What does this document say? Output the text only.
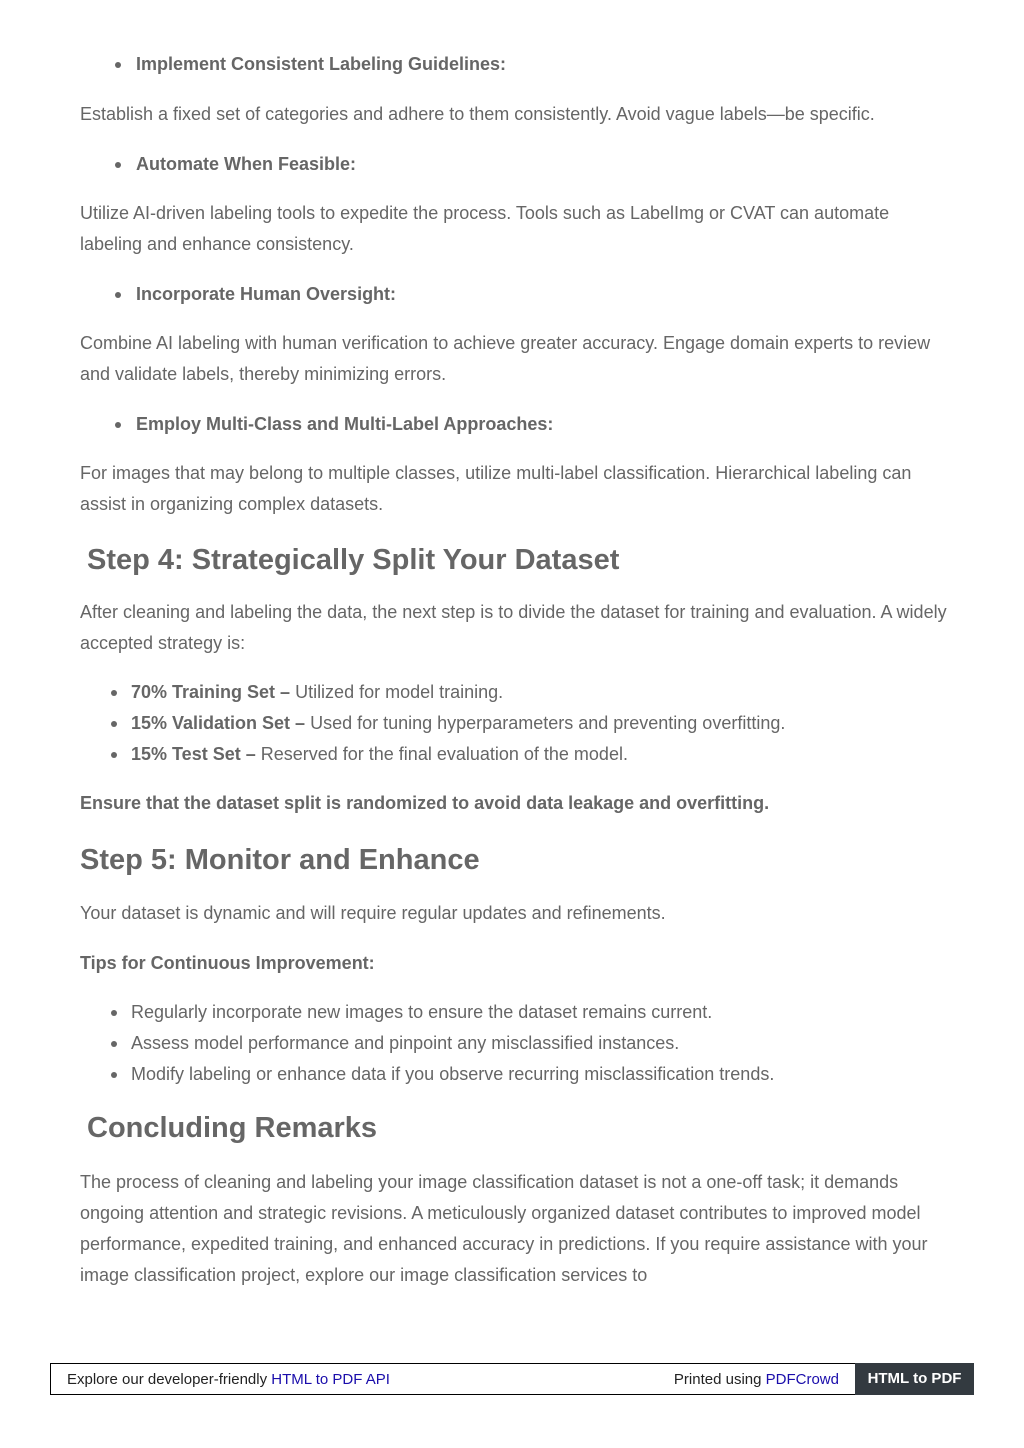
Implement Consistent Labeling Guidelines:

Establish a fixed set of categories and adhere to them consistently. Avoid vague labels—be specific.

Automate When Feasible:

Utilize AI-driven labeling tools to expedite the process. Tools such as LabelImg or CVAT can automate labeling and enhance consistency.

Incorporate Human Oversight:

Combine AI labeling with human verification to achieve greater accuracy. Engage domain experts to review and validate labels, thereby minimizing errors.

Employ Multi-Class and Multi-Label Approaches:

For images that may belong to multiple classes, utilize multi-label classification. Hierarchical labeling can assist in organizing complex datasets.

Step 4: Strategically Split Your Dataset

After cleaning and labeling the data, the next step is to divide the dataset for training and evaluation. A widely accepted strategy is:

70% Training Set – Utilized for model training.
15% Validation Set – Used for tuning hyperparameters and preventing overfitting.
15% Test Set – Reserved for the final evaluation of the model.

Ensure that the dataset split is randomized to avoid data leakage and overfitting.

Step 5: Monitor and Enhance

Your dataset is dynamic and will require regular updates and refinements.

Tips for Continuous Improvement:

Regularly incorporate new images to ensure the dataset remains current.
Assess model performance and pinpoint any misclassified instances.
Modify labeling or enhance data if you observe recurring misclassification trends.
Concluding Remarks

The process of cleaning and labeling your image classification dataset is not a one-off task; it demands ongoing attention and strategic revisions. A meticulously organized dataset contributes to improved model performance, expedited training, and enhanced accuracy in predictions. If you require assistance with your image classification project, explore our image classification services to

Explore our developer-friendly HTML to PDF API	Printed using PDFCrowd	HTML to PDF
